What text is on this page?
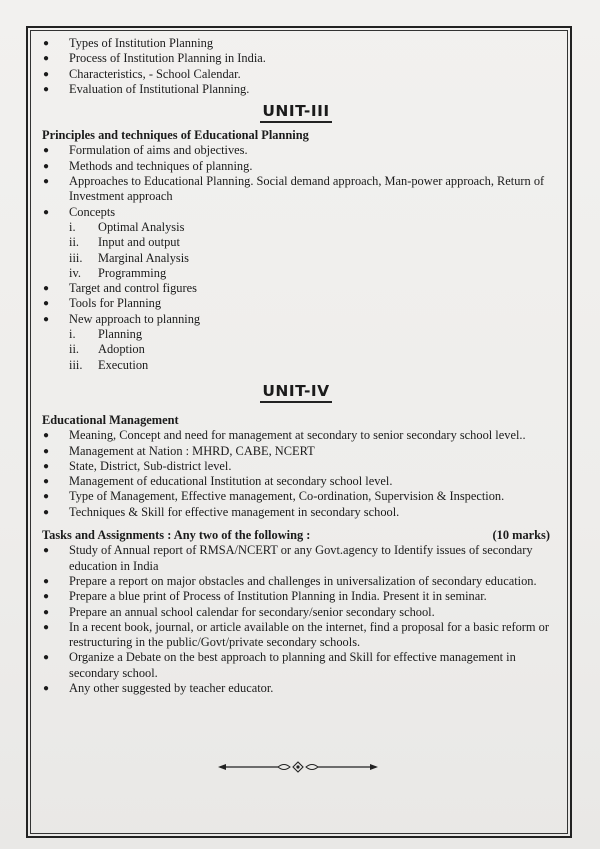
● Types of Institution Planning
● Process of Institution Planning in India.
● Characteristics, - School Calendar.
● Evaluation of Institutional Planning.
UNIT-III
Principles and techniques of Educational Planning
● Formulation of aims and objectives.
● Methods and techniques of planning.
● Approaches to Educational Planning. Social demand approach, Man-power approach, Return of Investment approach
● Concepts
i.	Optimal Analysis
ii.	Input and output
iii.	Marginal Analysis
iv.	Programming
● Target and control figures
● Tools for Planning
● New approach to planning
i.	Planning
ii.	Adoption
iii.	Execution
UNIT-IV
Educational Management
● Meaning, Concept and need for management at secondary to senior secondary school level..
● Management at Nation : MHRD, CABE, NCERT
● State, District, Sub-district level.
● Management of educational Institution at secondary school level.
● Type of Management, Effective management, Co-ordination, Supervision & Inspection.
● Techniques & Skill for effective management in secondary school.
Tasks and Assignments : Any two of the following :	(10 marks)
● Study of Annual report of RMSA/NCERT or any Govt.agency to Identify issues of secondary education in India
● Prepare a report on major obstacles and challenges in universalization of secondary education.
● Prepare a blue print of Process of Institution Planning in India. Present it in seminar.
● Prepare an annual school calendar for secondary/senior secondary school.
● In a recent book, journal, or article available on the internet, find a proposal for a basic reform or restructuring in the public/Govt/private secondary schools.
● Organize a Debate on the best approach to planning and Skill for effective management in secondary school.
● Any other suggested by teacher educator.
